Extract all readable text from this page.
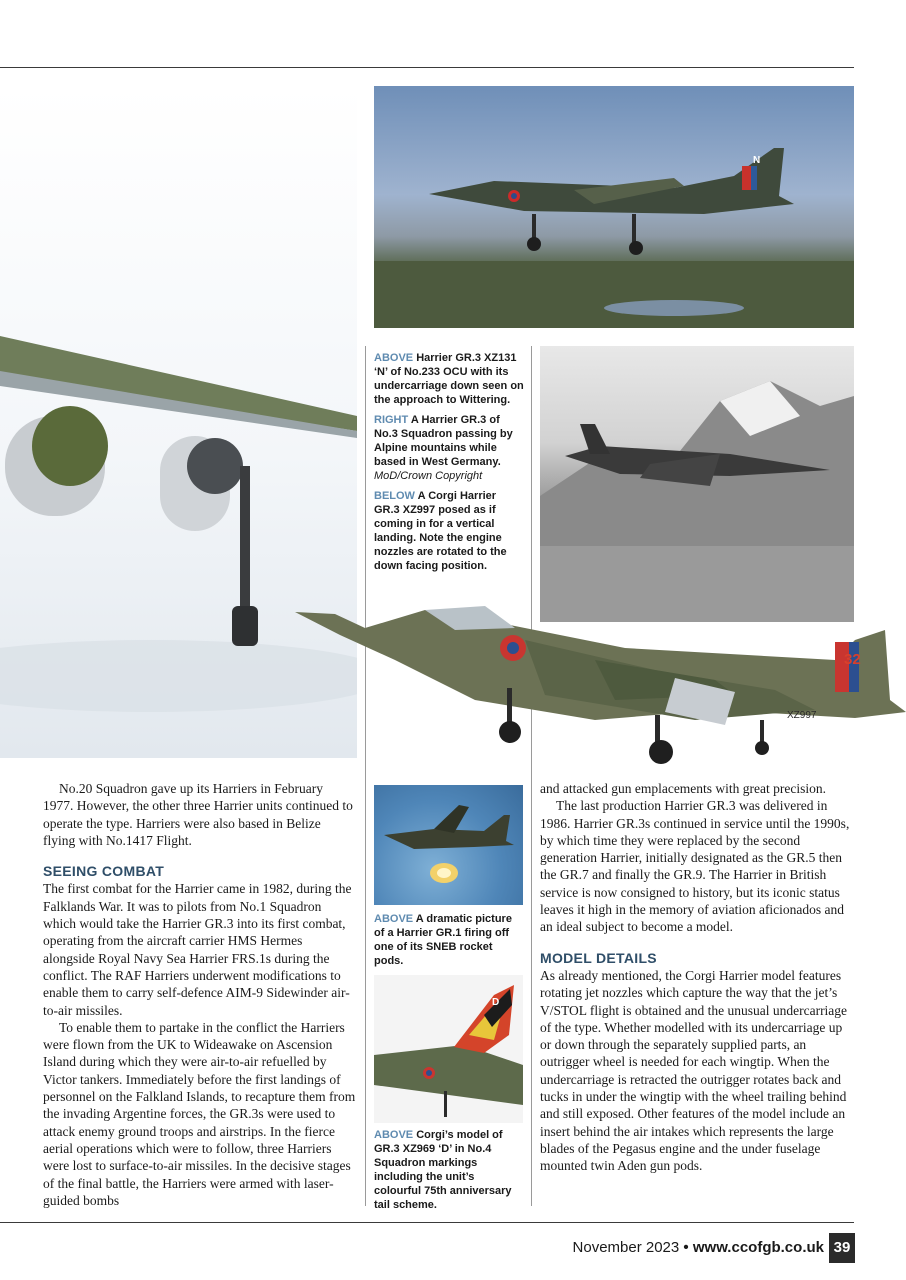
N

ABOVE Harrier GR.3 XZ131 ‘N’ of No.233 OCU with its undercarriage down seen on the approach to Wittering.

RIGHT A Harrier GR.3 of No.3 Squadron passing by Alpine mountains while based in West Germany.
MoD/Crown Copyright

BELOW A Corgi Harrier GR.3 XZ997 posed as if coming in for a vertical landing. Note the engine nozzles are rotated to the down facing position.

32
XZ997

No.20 Squadron gave up its Harriers in February 1977. However, the other three Harrier units continued to operate the type. Harriers were also based in Belize flying with No.1417 Flight.

SEEING COMBAT

The first combat for the Harrier came in 1982, during the Falklands War. It was to pilots from No.1 Squadron which would take the Harrier GR.3 into its first combat, operating from the aircraft carrier HMS Hermes alongside Royal Navy Sea Harrier FRS.1s during the conflict. The RAF Harriers underwent modifications to enable them to carry self-defence AIM-9 Sidewinder air-to-air missiles.

To enable them to partake in the conflict the Harriers were flown from the UK to Wideawake on Ascension Island during which they were air-to-air refuelled by Victor tankers. Immediately before the first landings of personnel on the Falkland Islands, to recapture them from the invading Argentine forces, the GR.3s were used to attack enemy ground troops and airstrips. In the fierce aerial operations which were to follow, three Harriers were lost to surface-to-air missiles. In the decisive stages of the final battle, the Harriers were armed with laser-guided bombs

ABOVE A dramatic picture of a Harrier GR.1 firing off one of its SNEB rocket pods.

D

ABOVE Corgi’s model of GR.3 XZ969 ‘D’ in No.4 Squadron markings including the unit’s colourful 75th anniversary tail scheme.

and attacked gun emplacements with great precision.

The last production Harrier GR.3 was delivered in 1986. Harrier GR.3s continued in service until the 1990s, by which time they were replaced by the second generation Harrier, initially designated as the GR.5 then the GR.7 and finally the GR.9. The Harrier in British service is now consigned to history, but its iconic status leaves it high in the memory of aviation aficionados and an ideal subject to become a model.

MODEL DETAILS

As already mentioned, the Corgi Harrier model features rotating jet nozzles which capture the way that the jet’s V/STOL flight is obtained and the unusual undercarriage of the type. Whether modelled with its undercarriage up or down through the separately supplied parts, an outrigger wheel is needed for each wingtip. When the undercarriage is retracted the outrigger rotates back and tucks in under the wingtip with the wheel trailing behind and still exposed. Other features of the model include an insert behind the air intakes which represents the large blades of the Pegasus engine and the under fuselage mounted twin Aden gun pods.

November 2023 • www.ccofgb.co.uk 39
